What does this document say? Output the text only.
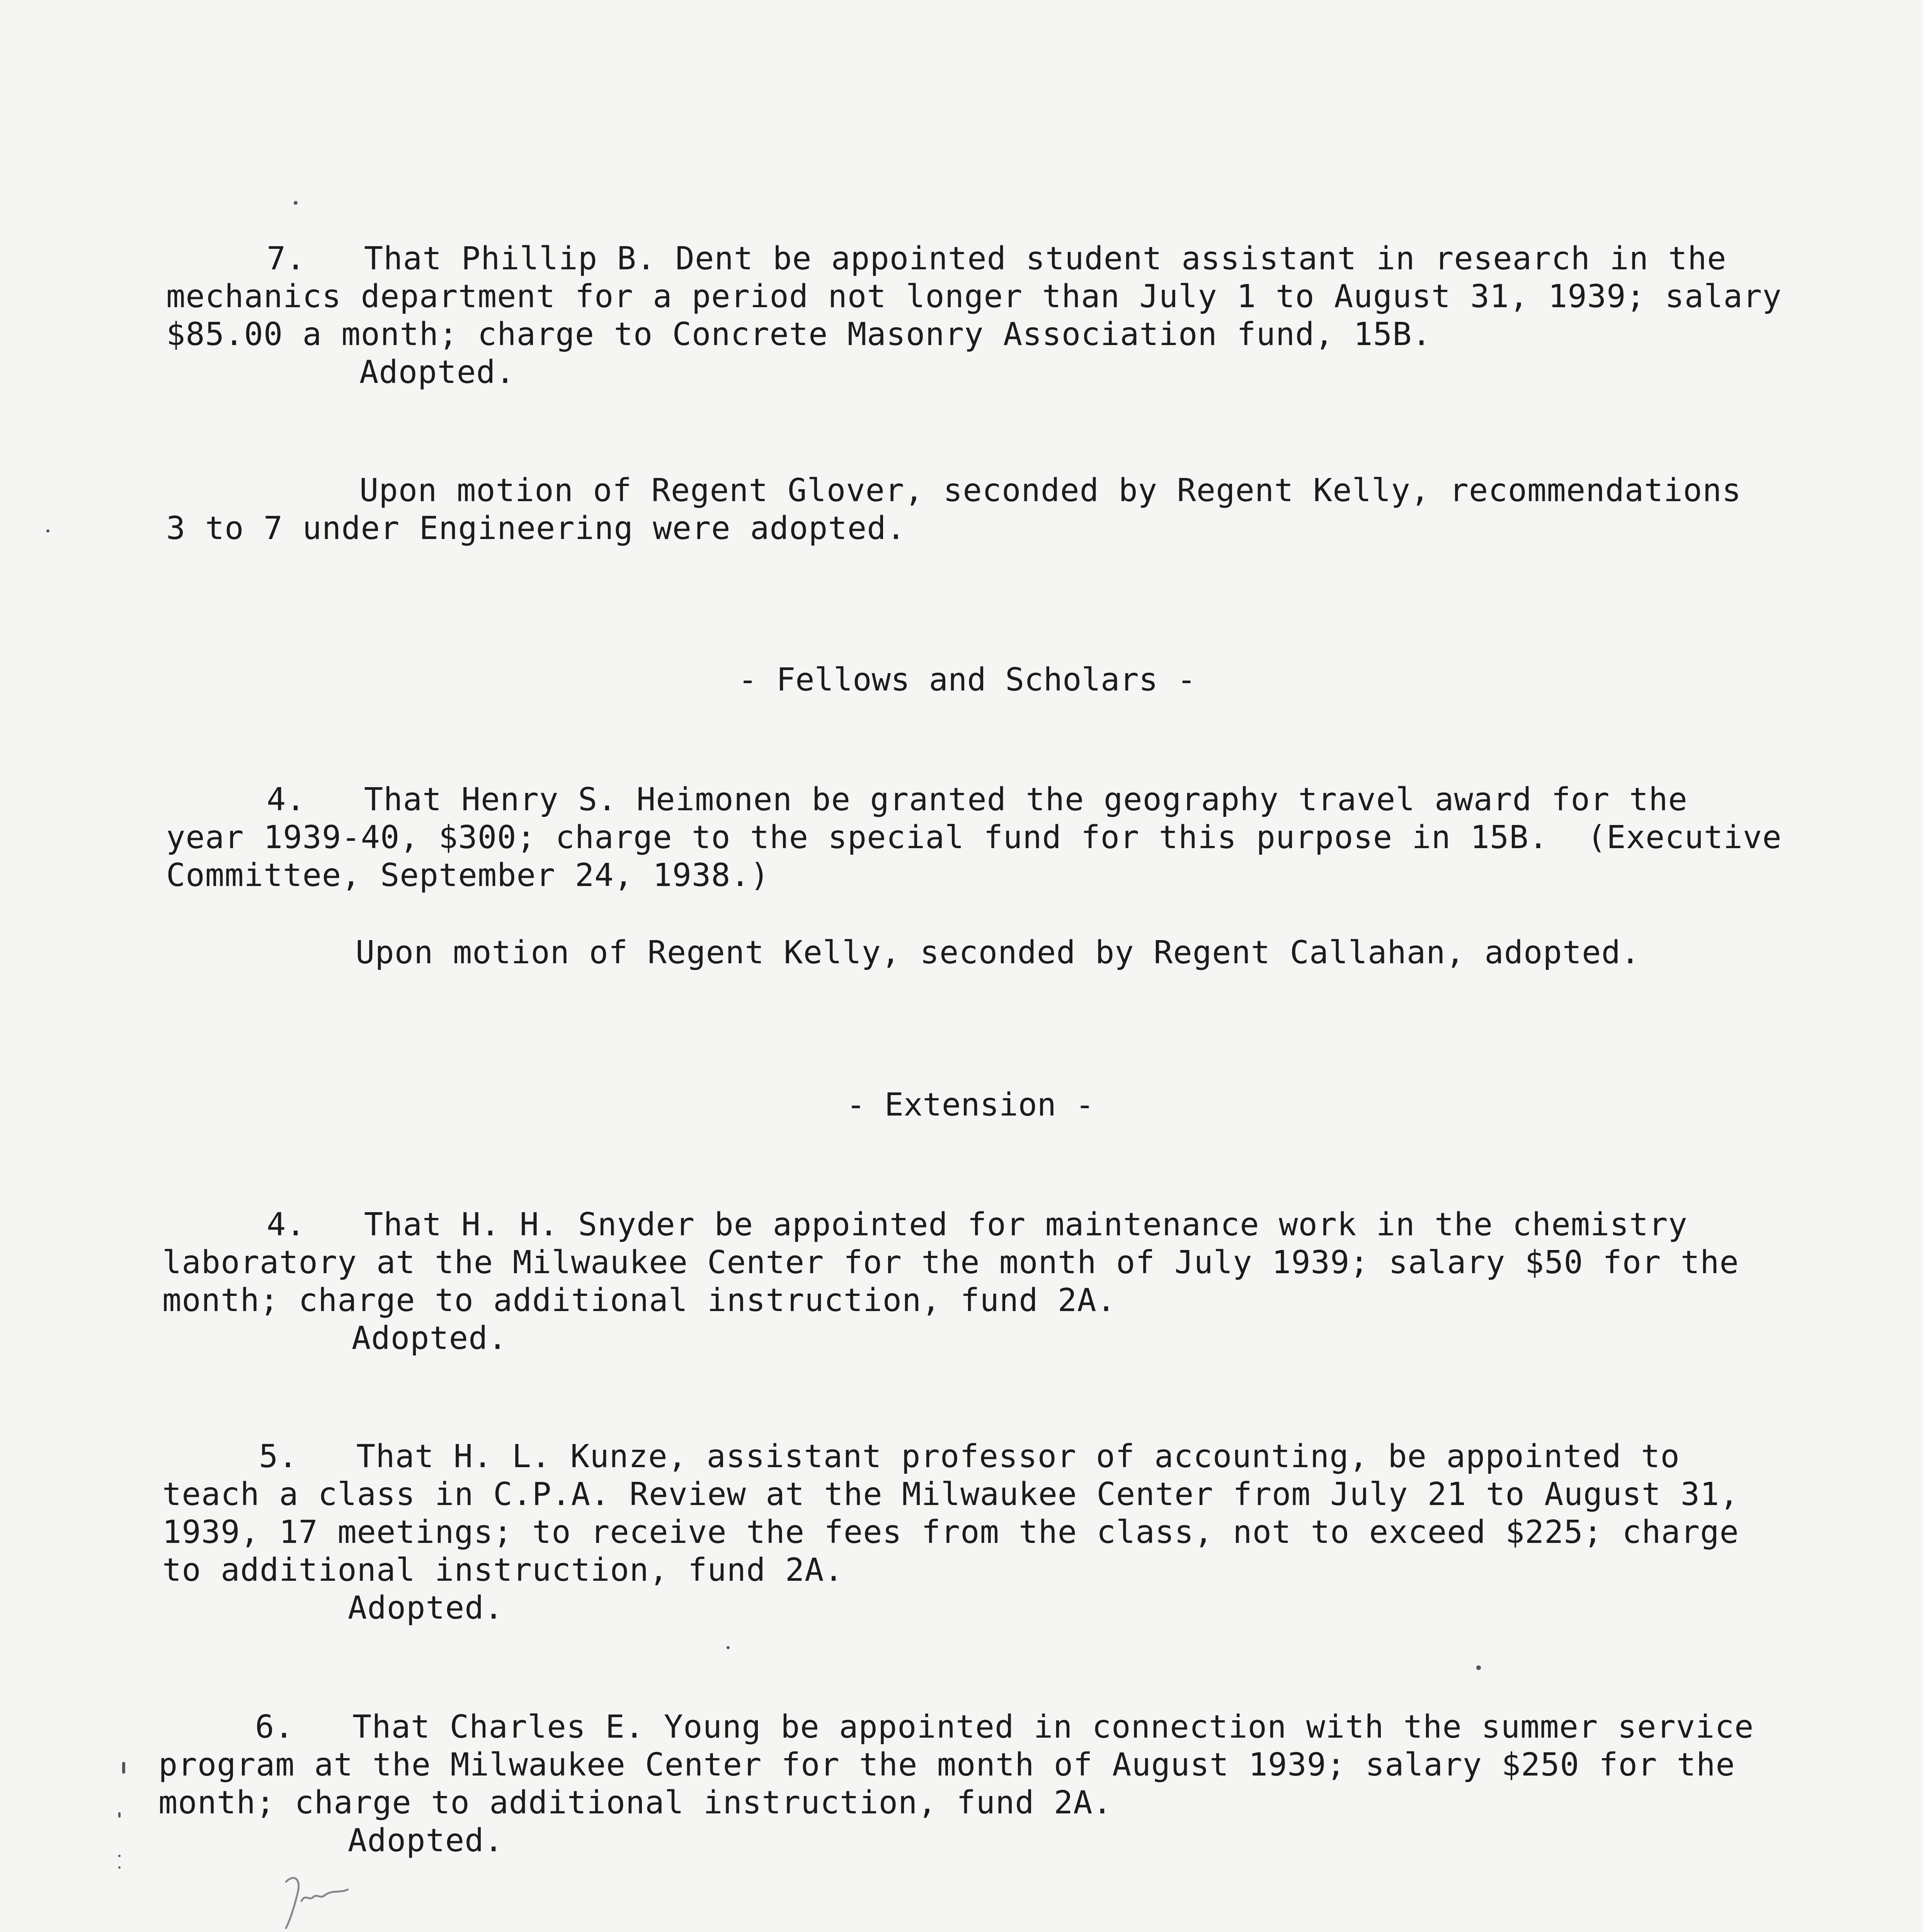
7. That Phillip B. Dent be appointed student assistant in research in the
mechanics department for a period not longer than July 1 to August 31, 1939; salary
$85.00 a month; charge to Concrete Masonry Association fund, 15B.
Adopted.
Upon motion of Regent Glover, seconded by Regent Kelly, recommendations
3 to 7 under Engineering were adopted.
- Fellows and Scholars -
4. That Henry S. Heimonen be granted the geography travel award for the
year 1939-40, $300; charge to the special fund for this purpose in 15B.  (Executive
Committee, September 24, 1938.)
Upon motion of Regent Kelly, seconded by Regent Callahan, adopted.
- Extension -
4. That H. H. Snyder be appointed for maintenance work in the chemistry
laboratory at the Milwaukee Center for the month of July 1939; salary $50 for the
month; charge to additional instruction, fund 2A.
Adopted.
5. That H. L. Kunze, assistant professor of accounting, be appointed to
teach a class in C.P.A. Review at the Milwaukee Center from July 21 to August 31,
1939, 17 meetings; to receive the fees from the class, not to exceed $225; charge
to additional instruction, fund 2A.
Adopted.
6. That Charles E. Young be appointed in connection with the summer service
program at the Milwaukee Center for the month of August 1939; salary $250 for the
month; charge to additional instruction, fund 2A.
Adopted.
